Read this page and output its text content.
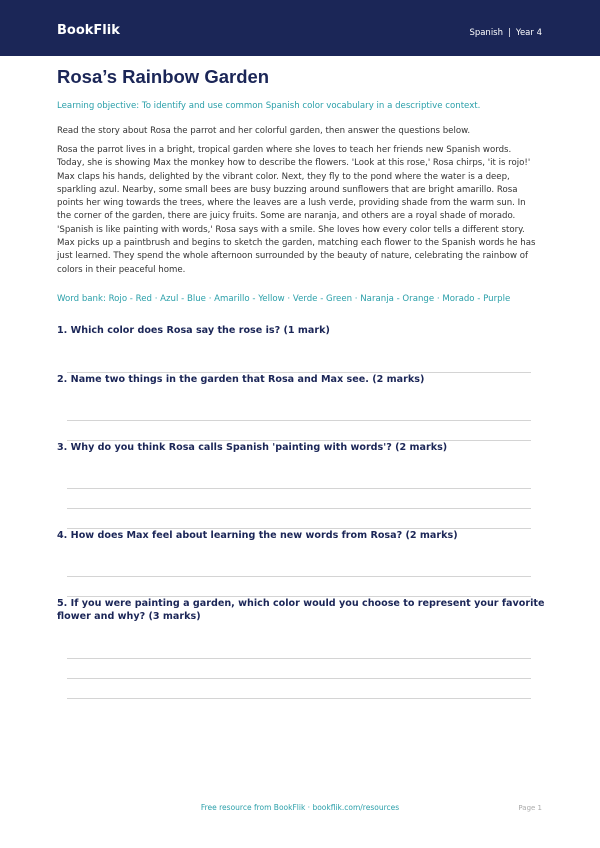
BookFlik	Spanish | Year 4
Rosa’s Rainbow Garden
Learning objective: To identify and use common Spanish color vocabulary in a descriptive context.
Read the story about Rosa the parrot and her colorful garden, then answer the questions below.

Rosa the parrot lives in a bright, tropical garden where she loves to teach her friends new Spanish words. Today, she is showing Max the monkey how to describe the flowers. 'Look at this rose,' Rosa chirps, 'it is rojo!' Max claps his hands, delighted by the vibrant color. Next, they fly to the pond where the water is a deep, sparkling azul. Nearby, some small bees are busy buzzing around sunflowers that are bright amarillo. Rosa points her wing towards the trees, where the leaves are a lush verde, providing shade from the warm sun. In the corner of the garden, there are juicy fruits. Some are naranja, and others are a royal shade of morado. 'Spanish is like painting with words,' Rosa says with a smile. She loves how every color tells a different story. Max picks up a paintbrush and begins to sketch the garden, matching each flower to the Spanish words he has just learned. They spend the whole afternoon surrounded by the beauty of nature, celebrating the rainbow of colors in their peaceful home.

Word bank: Rojo - Red · Azul - Blue · Amarillo - Yellow · Verde - Green · Naranja - Orange · Morado - Purple
1. Which color does Rosa say the rose is? (1 mark)
2. Name two things in the garden that Rosa and Max see. (2 marks)
3. Why do you think Rosa calls Spanish 'painting with words'? (2 marks)
4. How does Max feel about learning the new words from Rosa? (2 marks)
5. If you were painting a garden, which color would you choose to represent your favorite flower and why? (3 marks)
Free resource from BookFlik · bookflik.com/resources	Page 1
